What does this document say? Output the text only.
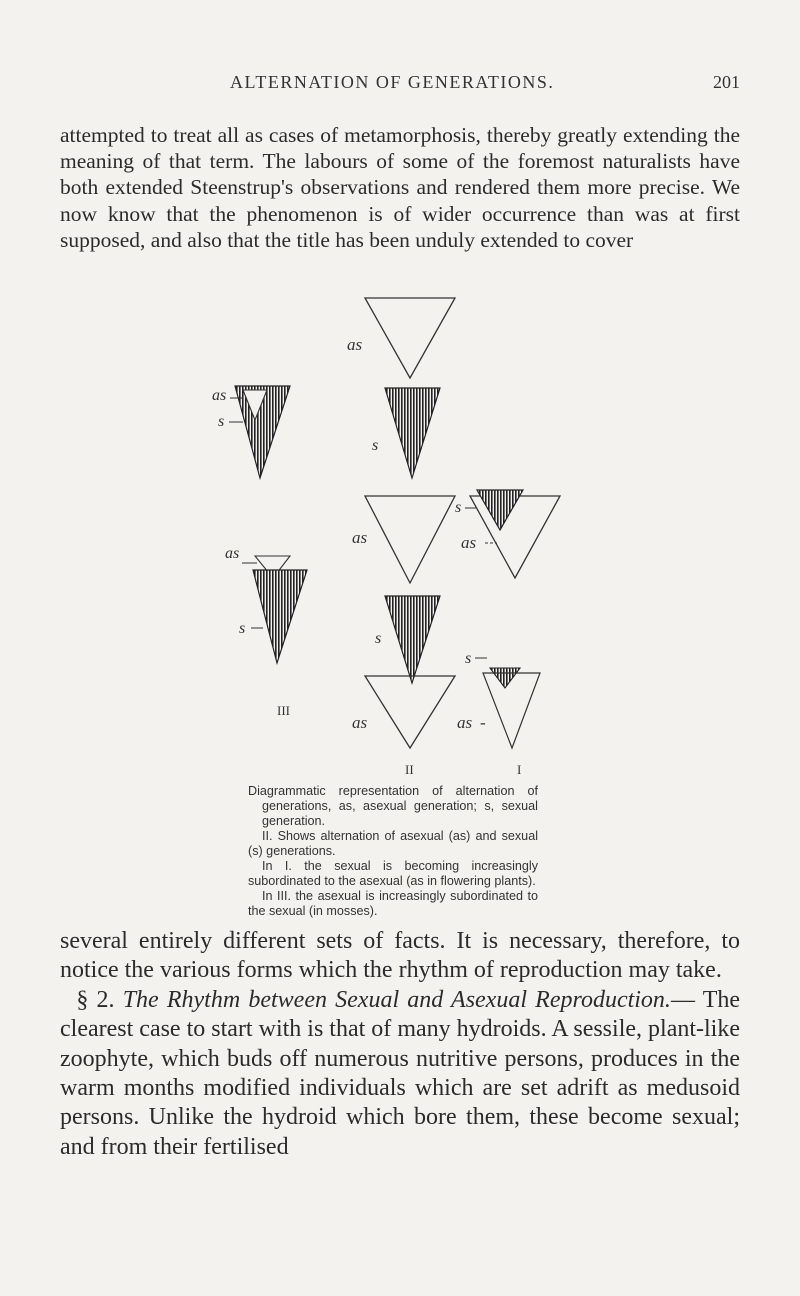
ALTERNATION OF GENERATIONS.	201

attempted to treat all as cases of metamorphosis, thereby greatly extending the meaning of that term. The labours of some of the foremost naturalists have both extended Steenstrup's observations and rendered them more precise. We now know that the phenomenon is of wider occurrence than was at first supposed, and also that the title has been unduly extended to cover

as
s
as
s
as
s
as
as
s
s
s
as -
as
III
II	I

Diagrammatic representation of alternation of generations, as, asexual generation; s, sexual generation.

II. Shows alternation of asexual (as) and sexual (s) generations.

In I. the sexual is becoming increasingly subordinated to the asexual (as in flowering plants).

In III. the asexual is increasingly subordinated to the sexual (in mosses).

several entirely different sets of facts. It is necessary, therefore, to notice the various forms which the rhythm of reproduction may take.
§ 2. The Rhythm between Sexual and Asexual Reproduction.— The clearest case to start with is that of many hydroids. A sessile, plant-like zoophyte, which buds off numerous nutritive persons, produces in the warm months modified individuals which are set adrift as medusoid persons. Unlike the hydroid which bore them, these become sexual; and from their fertilised
